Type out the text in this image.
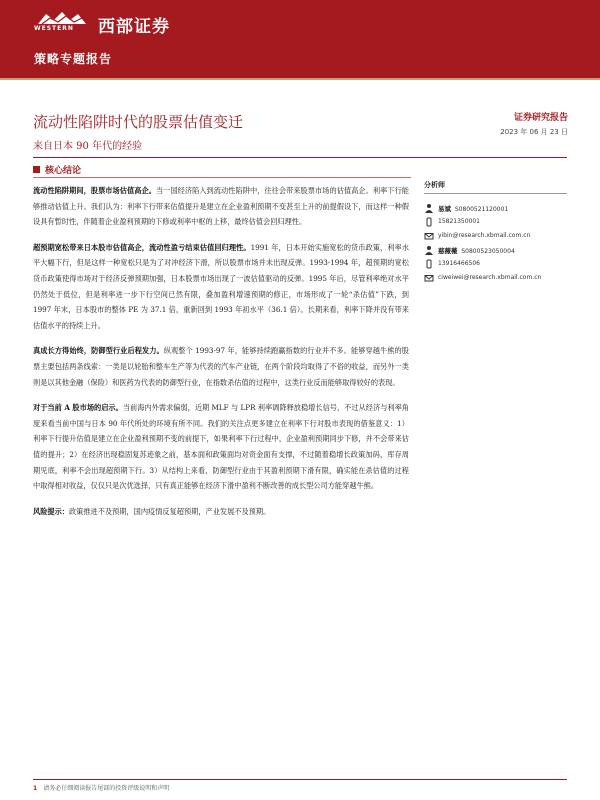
WESTERN 西部证券
策略专题报告
证券研究报告
2023 年 06 月 23 日
流动性陷阱时代的股票估值变迁
来自日本 90 年代的经验
核心结论

流动性陷阱期间，股票市场估值高企。当一国经济陷入到流动性陷阱中，往往会带来股票市场的估值高企。利率下行能够推动估值上升。我们认为：利率下行带来估值提升是建立在企业盈利预期不变甚至上升的前提假设下，而这样一种假设具有暂时性，伴随着企业盈利预期的下修或利率中枢的上移，最终估值会回归理性。

超预期宽松带来日本股市估值高企，流动性盈亏结束估值回归理性。1991 年，日本开始实施宽松的货币政策，利率水平大幅下行，但是这样一种宽松只是为了对冲经济下滑，所以股票市场并未出现反弹。1993-1994 年，超预期的宽松货币政策使得市场对于经济反弹预期加强，日本股票市场出现了一波估值驱动的反弹。1995 年后，尽管利率绝对水平仍然处于低位，但是利率进一步下行空间已然有限，叠加盈利增速预期的修正，市场形成了一轮“杀估值”下跌，到 1997 年末，日本股市的整体 PE 为 37.1 倍，重新回到 1993 年初水平（36.1 倍）。长期来看，利率下降并没有带来估值水平的持续上升。

真成长方得始终，防御型行业后程发力。纵观整个 1993-97 年，能够持续跑赢指数的行业并不多。能够穿越牛熊的股票主要包括两条线索：一类是以轮胎和整车生产等为代表的汽车产业链，在两个阶段均取得了不俗的收益，而另外一类则是以其他金融（保险）和医药为代表的防御型行业，在指数杀估值的过程中，这类行业反而能够取得较好的表现。

对于当前 A 股市场的启示。当前海内外需求偏弱，近期 MLF 与 LPR 利率调降释放稳增长信号，不过从经济与利率角度来看当前中国与日本 90 年代所处的环境有所不同。我们的关注点更多建立在利率下行对股市表现的借鉴意义：1）利率下行提升估值是建立在企业盈利预期不变的前提下，如果利率下行过程中，企业盈利预期同步下修，并不会带来估值的提升；2）在经济出现稳固复苏迹象之前，基本面和政策面均对资金面有支撑，不过随着稳增长政策加码，库存周期见底，利率不会出现超预期下行。3）从结构上来看，防御型行业由于其盈利预期下滑有限，确实能在杀估值的过程中取得相对收益，仅仅只是次优选择，只有真正能够在经济下滑中盈利不断改善的成长型公司方能穿越牛熊。

风险提示：政策推进不及预期，国内疫情反复超预期，产业发展不及预期。

分析师
易斌 S0800521120001
15821350001
yibin@research.xbmail.com.cn
慈薇薇 S0800523050004
13916466506
ciweiwei@research.xbmail.com.cn
1 请务必仔细阅读报告尾部的投资评级说明和声明
